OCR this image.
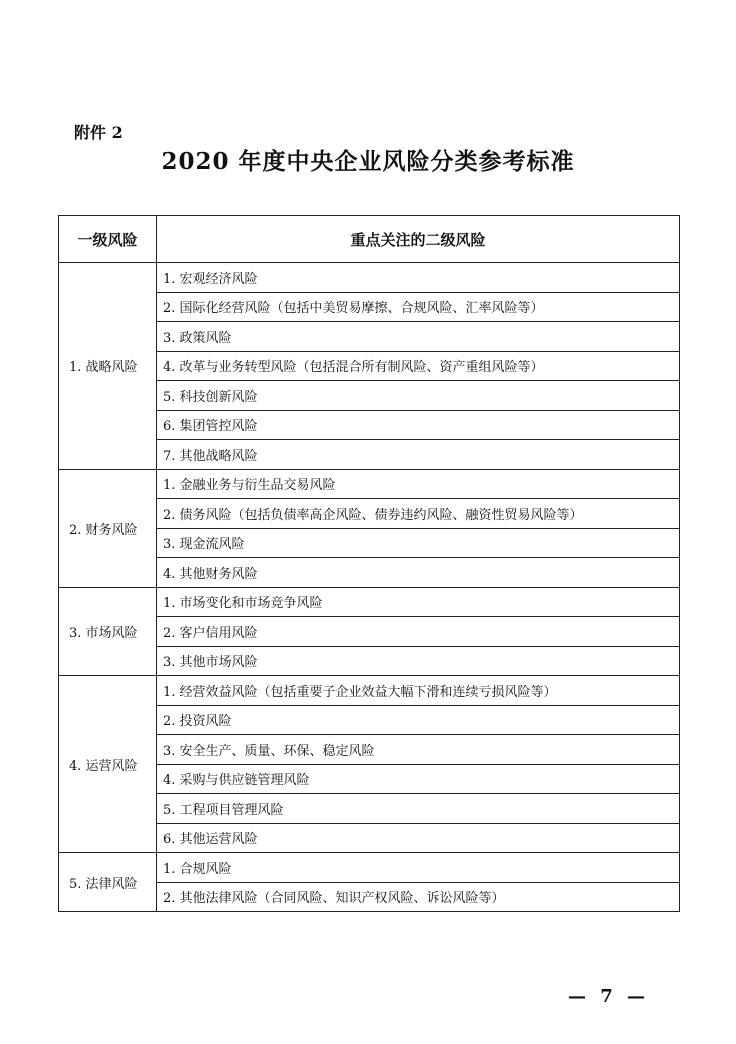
附件 2
2020 年度中央企业风险分类参考标准
一级风险	重点关注的二级风险
1. 战略风险	1. 宏观经济风险
	2. 国际化经营风险（包括中美贸易摩擦、合规风险、汇率风险等）
	3. 政策风险
	4. 改革与业务转型风险（包括混合所有制风险、资产重组风险等）
	5. 科技创新风险
	6. 集团管控风险
	7. 其他战略风险
2. 财务风险	1. 金融业务与衍生品交易风险
	2. 债务风险（包括负债率高企风险、债券违约风险、融资性贸易风险等）
	3. 现金流风险
	4. 其他财务风险
3. 市场风险	1. 市场变化和市场竞争风险
	2. 客户信用风险
	3. 其他市场风险
4. 运营风险	1. 经营效益风险（包括重要子企业效益大幅下滑和连续亏损风险等）
	2. 投资风险
	3. 安全生产、质量、环保、稳定风险
	4. 采购与供应链管理风险
	5. 工程项目管理风险
	6. 其他运营风险
5. 法律风险	1. 合规风险
	2. 其他法律风险（合同风险、知识产权风险、诉讼风险等）
— 7 —
